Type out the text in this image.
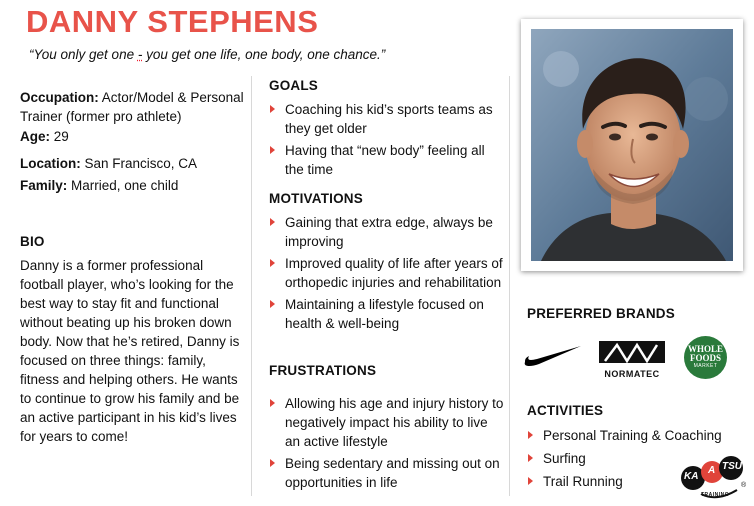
DANNY STEPHENS
“You only get one - you get one life, one body, one chance.”
Occupation: Actor/Model & Personal Trainer (former pro athlete)
Age: 29
Location: San Francisco, CA
Family: Married, one child
BIO
Danny is a former professional football player, who’s looking for the best way to stay fit and functional without beating up his broken down body. Now that he’s retired, Danny is focused on three things: family, fitness and helping others. He wants to continue to grow his family and be an active participant in his kid’s lives for years to come!
GOALS
Coaching his kid’s sports teams as they get older
Having that “new body” feeling all the time
MOTIVATIONS
Gaining that extra edge, always be improving
Improved quality of life after years of orthopedic injuries and rehabilitation
Maintaining a lifestyle focused on health & well-being
FRUSTRATIONS
Allowing his age and injury history to negatively impact his ability to live an active lifestyle
Being sedentary and missing out on opportunities in life
PREFERRED BRANDS
NORMATEC
WHOLE
FOODS
MARKET
ACTIVITIES
Personal Training & Coaching
Surfing
Trail Running	KA
A TSU
TRAINING
®
